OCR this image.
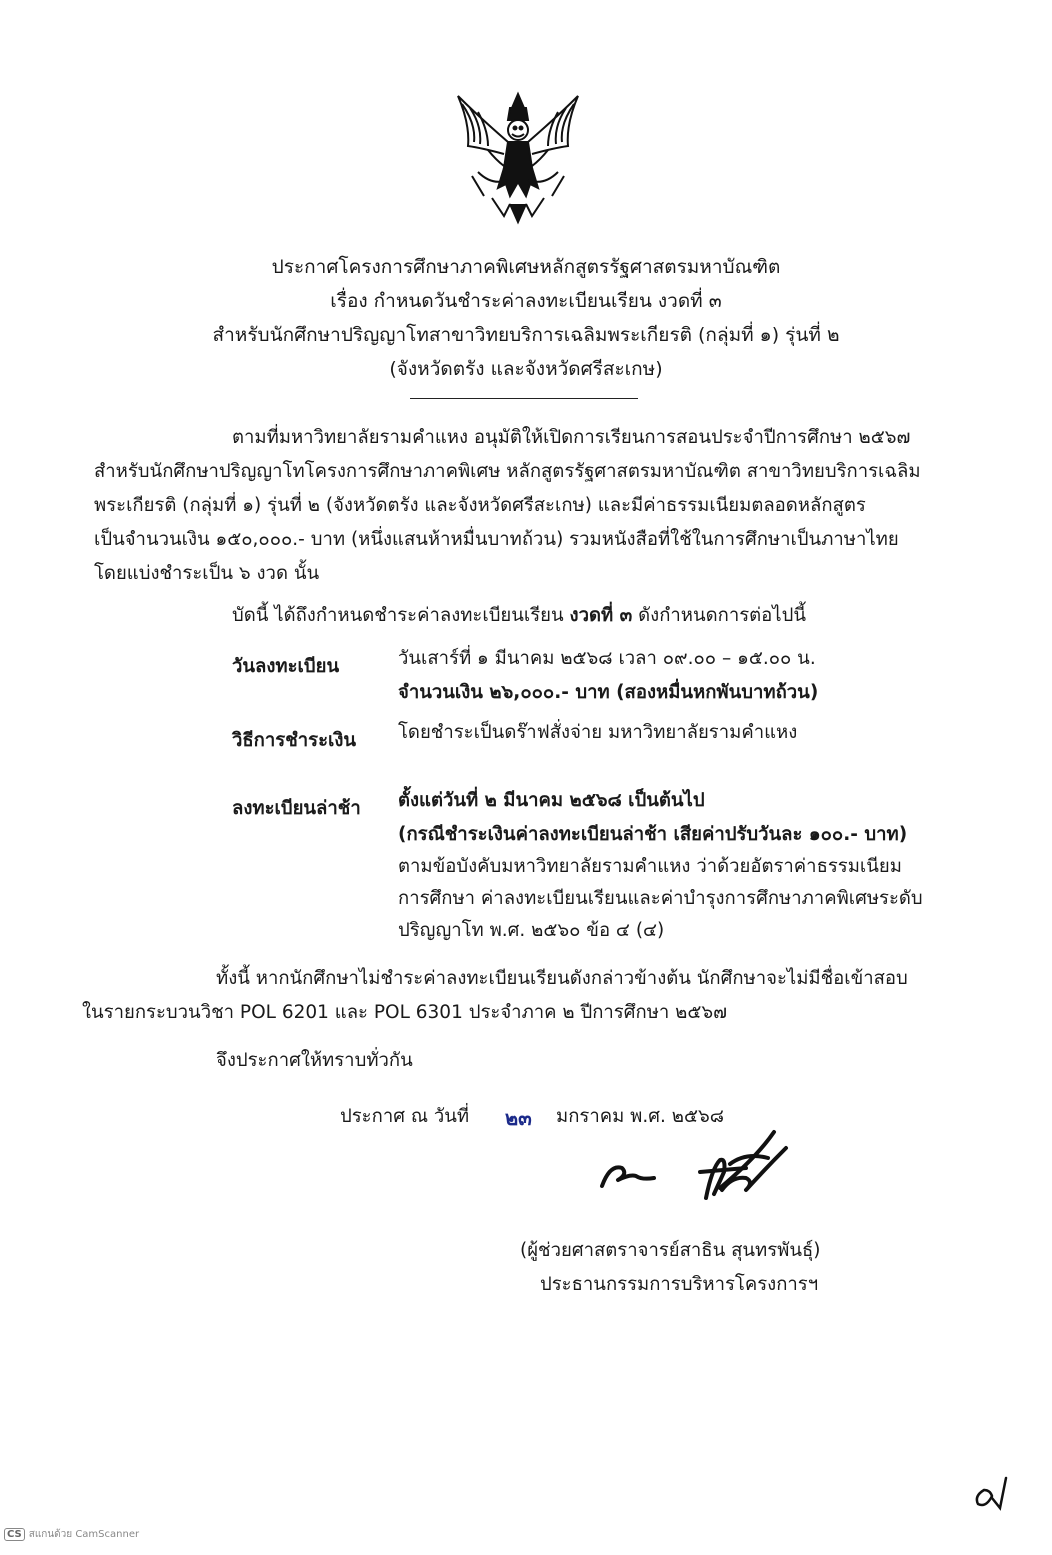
ประกาศโครงการศึกษาภาคพิเศษหลักสูตรรัฐศาสตรมหาบัณฑิต
เรื่อง กำหนดวันชำระค่าลงทะเบียนเรียน งวดที่ ๓
สำหรับนักศึกษาปริญญาโทสาขาวิทยบริการเฉลิมพระเกียรติ (กลุ่มที่ ๑) รุ่นที่ ๒
(จังหวัดตรัง และจังหวัดศรีสะเกษ)
ตามที่มหาวิทยาลัยรามคำแหง อนุมัติให้เปิดการเรียนการสอนประจำปีการศึกษา ๒๕๖๗
สำหรับนักศึกษาปริญญาโทโครงการศึกษาภาคพิเศษ หลักสูตรรัฐศาสตรมหาบัณฑิต สาขาวิทยบริการเฉลิม
พระเกียรติ (กลุ่มที่ ๑) รุ่นที่ ๒ (จังหวัดตรัง และจังหวัดศรีสะเกษ) และมีค่าธรรมเนียมตลอดหลักสูตร
เป็นจำนวนเงิน ๑๕๐,๐๐๐.- บาท (หนึ่งแสนห้าหมื่นบาทถ้วน) รวมหนังสือที่ใช้ในการศึกษาเป็นภาษาไทย
โดยแบ่งชำระเป็น ๖ งวด นั้น
บัดนี้ ได้ถึงกำหนดชำระค่าลงทะเบียนเรียน งวดที่ ๓ ดังกำหนดการต่อไปนี้
วันลงทะเบียน	วันเสาร์ที่ ๑ มีนาคม ๒๕๖๘ เวลา ๐๙.๐๐ – ๑๕.๐๐ น.
จำนวนเงิน ๒๖,๐๐๐.- บาท (สองหมื่นหกพันบาทถ้วน)
วิธีการชำระเงิน โดยชำระเป็นดร๊าฟสั่งจ่าย มหาวิทยาลัยรามคำแหง
ลงทะเบียนล่าช้า ตั้งแต่วันที่ ๒ มีนาคม ๒๕๖๘ เป็นต้นไป
(กรณีชำระเงินค่าลงทะเบียนล่าช้า เสียค่าปรับวันละ ๑๐๐.- บาท)
ตามข้อบังคับมหาวิทยาลัยรามคำแหง ว่าด้วยอัตราค่าธรรมเนียม
การศึกษา ค่าลงทะเบียนเรียนและค่าบำรุงการศึกษาภาคพิเศษระดับ
ปริญญาโท พ.ศ. ๒๕๖๐ ข้อ ๔ (๔)
ทั้งนี้ หากนักศึกษาไม่ชำระค่าลงทะเบียนเรียนดังกล่าวข้างต้น นักศึกษาจะไม่มีชื่อเข้าสอบ
ในรายกระบวนวิชา POL 6201 และ POL 6301 ประจำภาค ๒ ปีการศึกษา ๒๕๖๗
จึงประกาศให้ทราบทั่วกัน
ประกาศ ณ วันที่ ๒๓ มกราคม พ.ศ. ๒๕๖๘
(ผู้ช่วยศาสตราจารย์สาธิน สุนทรพันธุ์)
ประธานกรรมการบริหารโครงการฯ
CS สแกนด้วย CamScanner
